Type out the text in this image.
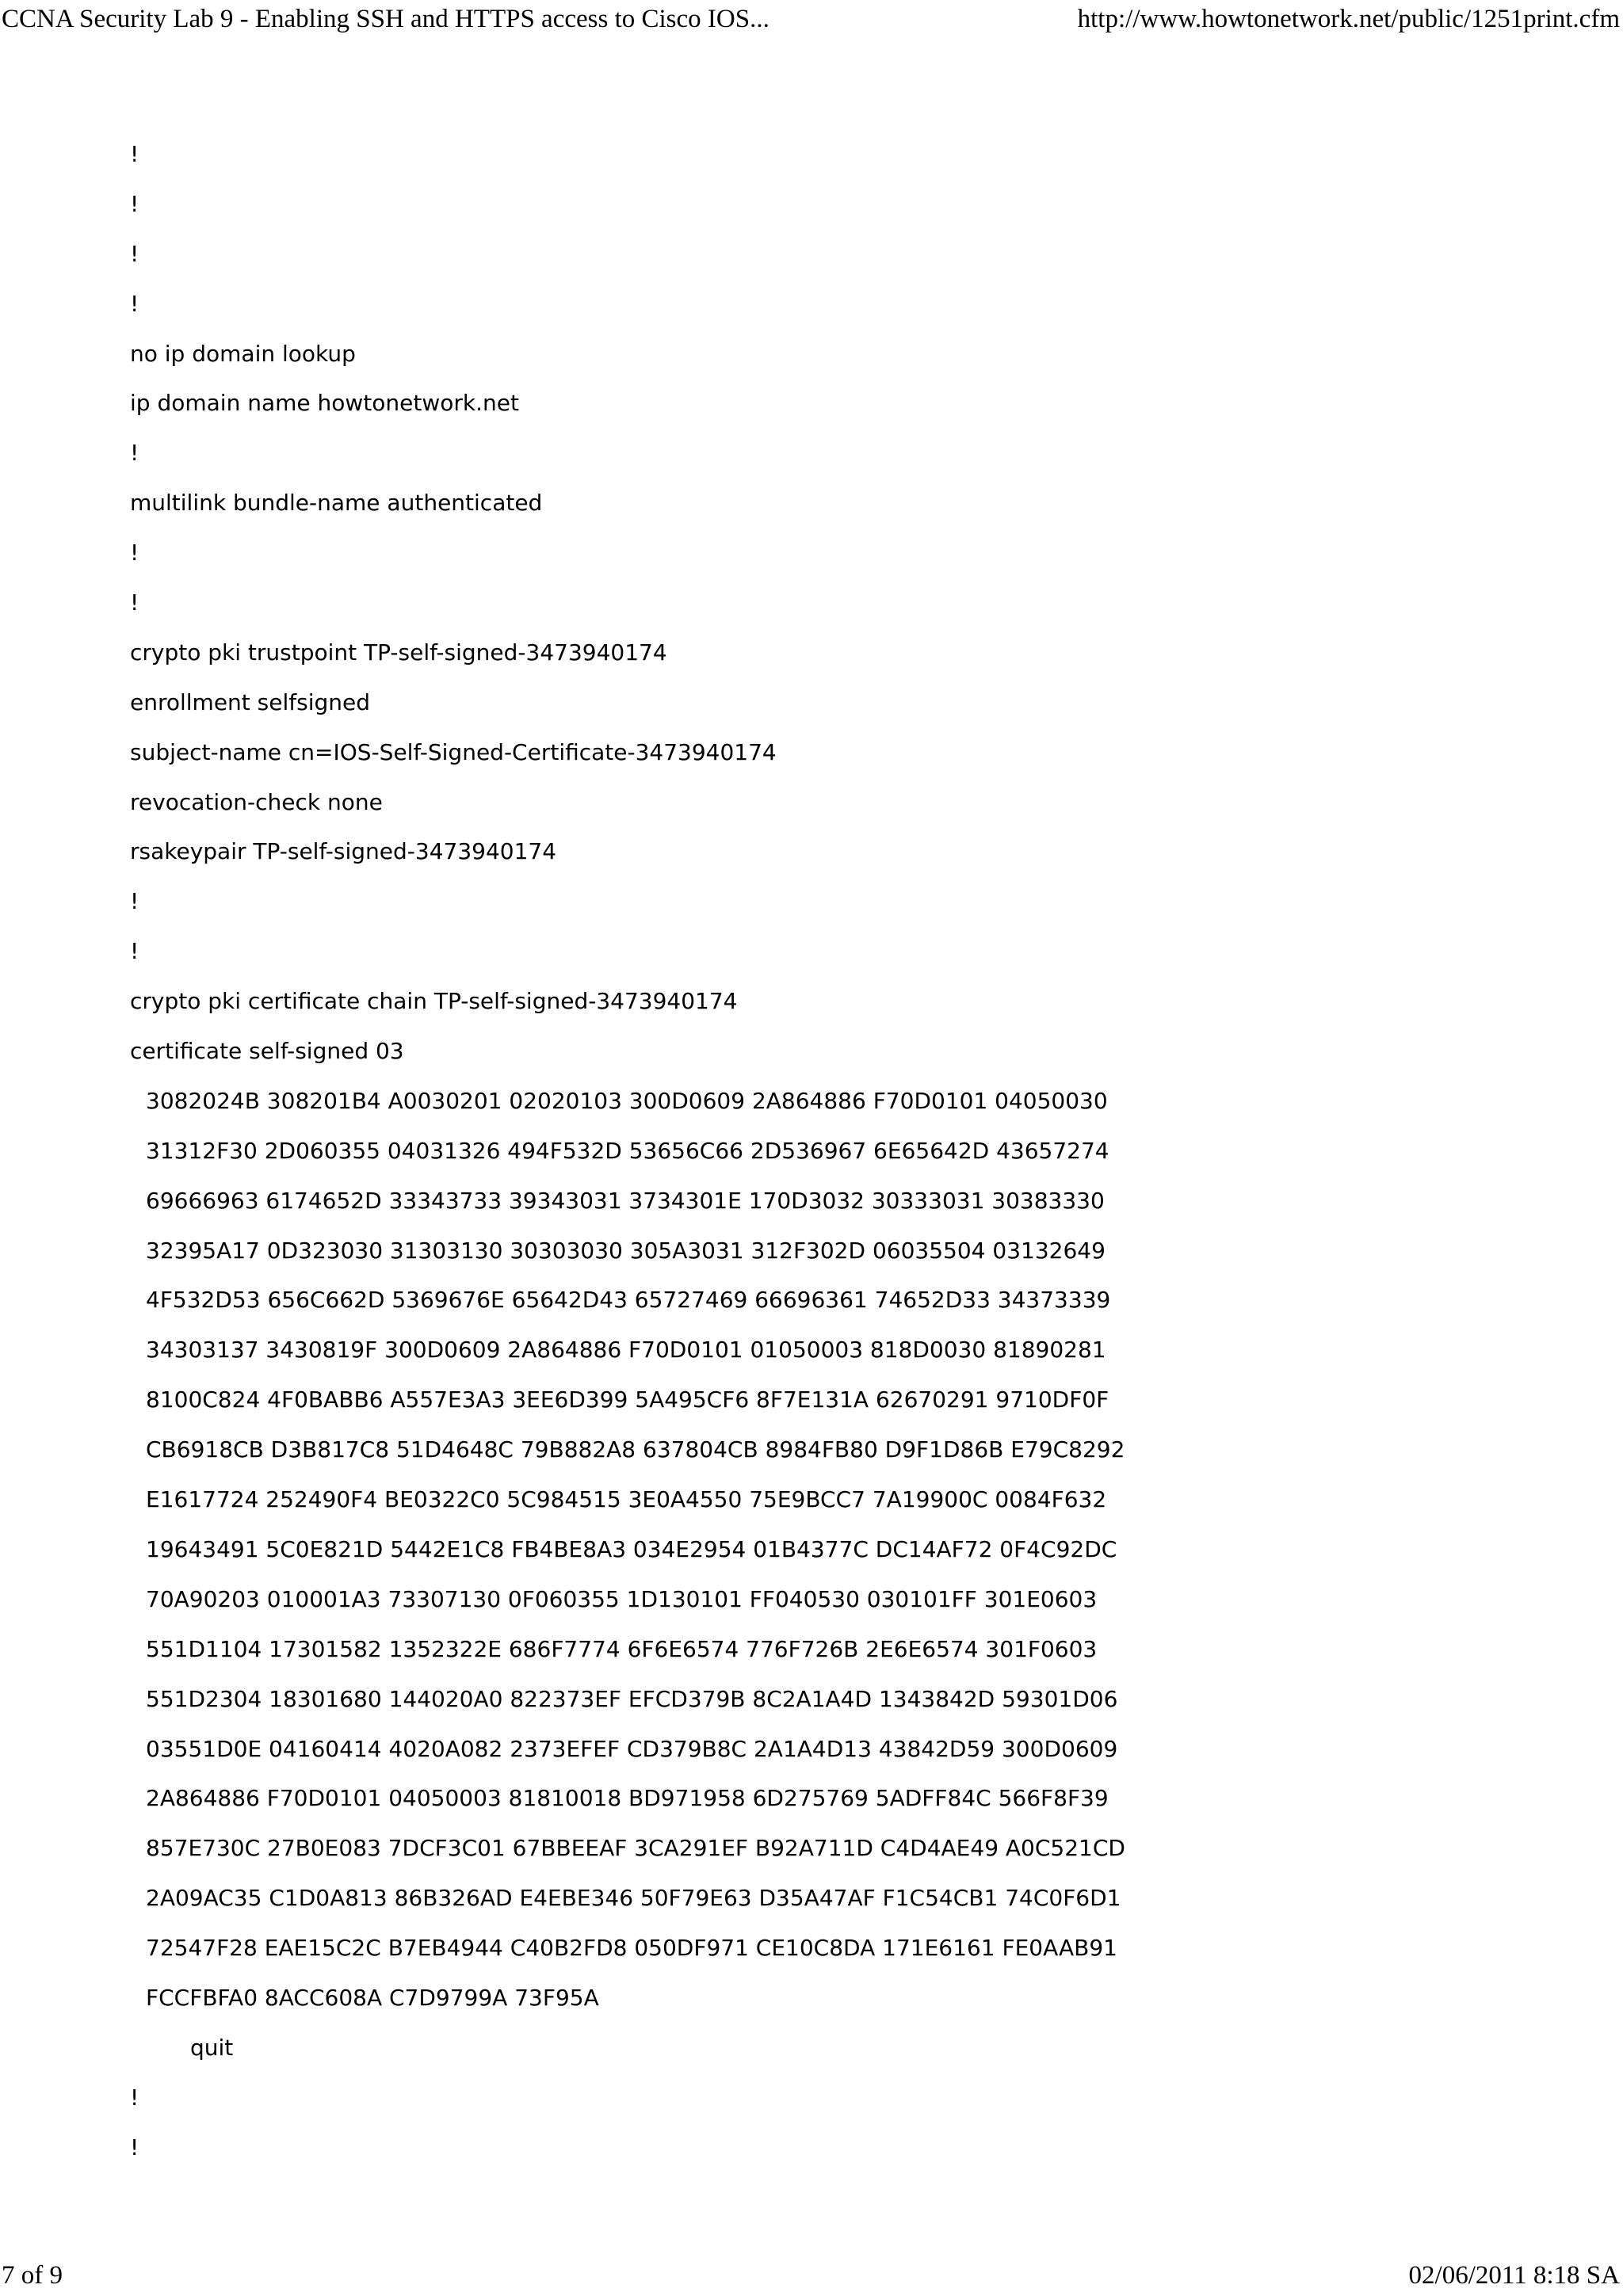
CCNA Security Lab 9 - Enabling SSH and HTTPS access to Cisco IOS...	http://www.howtonetwork.net/public/1251print.cfm
!
!
!
!
no ip domain lookup
ip domain name howtonetwork.net
!
multilink bundle-name authenticated
!
!
crypto pki trustpoint TP-self-signed-3473940174
enrollment selfsigned
subject-name cn=IOS-Self-Signed-Certificate-3473940174
revocation-check none
rsakeypair TP-self-signed-3473940174
!
!
crypto pki certificate chain TP-self-signed-3473940174
certificate self-signed 03
3082024B 308201B4 A0030201 02020103 300D0609 2A864886 F70D0101 04050030
31312F30 2D060355 04031326 494F532D 53656C66 2D536967 6E65642D 43657274
69666963 6174652D 33343733 39343031 3734301E 170D3032 30333031 30383330
32395A17 0D323030 31303130 30303030 305A3031 312F302D 06035504 03132649
4F532D53 656C662D 5369676E 65642D43 65727469 66696361 74652D33 34373339
34303137 3430819F 300D0609 2A864886 F70D0101 01050003 818D0030 81890281
8100C824 4F0BABB6 A557E3A3 3EE6D399 5A495CF6 8F7E131A 62670291 9710DF0F
CB6918CB D3B817C8 51D4648C 79B882A8 637804CB 8984FB80 D9F1D86B E79C8292
E1617724 252490F4 BE0322C0 5C984515 3E0A4550 75E9BCC7 7A19900C 0084F632
19643491 5C0E821D 5442E1C8 FB4BE8A3 034E2954 01B4377C DC14AF72 0F4C92DC
70A90203 010001A3 73307130 0F060355 1D130101 FF040530 030101FF 301E0603
551D1104 17301582 1352322E 686F7774 6F6E6574 776F726B 2E6E6574 301F0603
551D2304 18301680 144020A0 822373EF EFCD379B 8C2A1A4D 1343842D 59301D06
03551D0E 04160414 4020A082 2373EFEF CD379B8C 2A1A4D13 43842D59 300D0609
2A864886 F70D0101 04050003 81810018 BD971958 6D275769 5ADFF84C 566F8F39
857E730C 27B0E083 7DCF3C01 67BBEEAF 3CA291EF B92A711D C4D4AE49 A0C521CD
2A09AC35 C1D0A813 86B326AD E4EBE346 50F79E63 D35A47AF F1C54CB1 74C0F6D1
72547F28 EAE15C2C B7EB4944 C40B2FD8 050DF971 CE10C8DA 171E6161 FE0AAB91
FCCFBFA0 8ACC608A C7D9799A 73F95A
quit
!
!
7 of 9	02/06/2011 8:18 SA
